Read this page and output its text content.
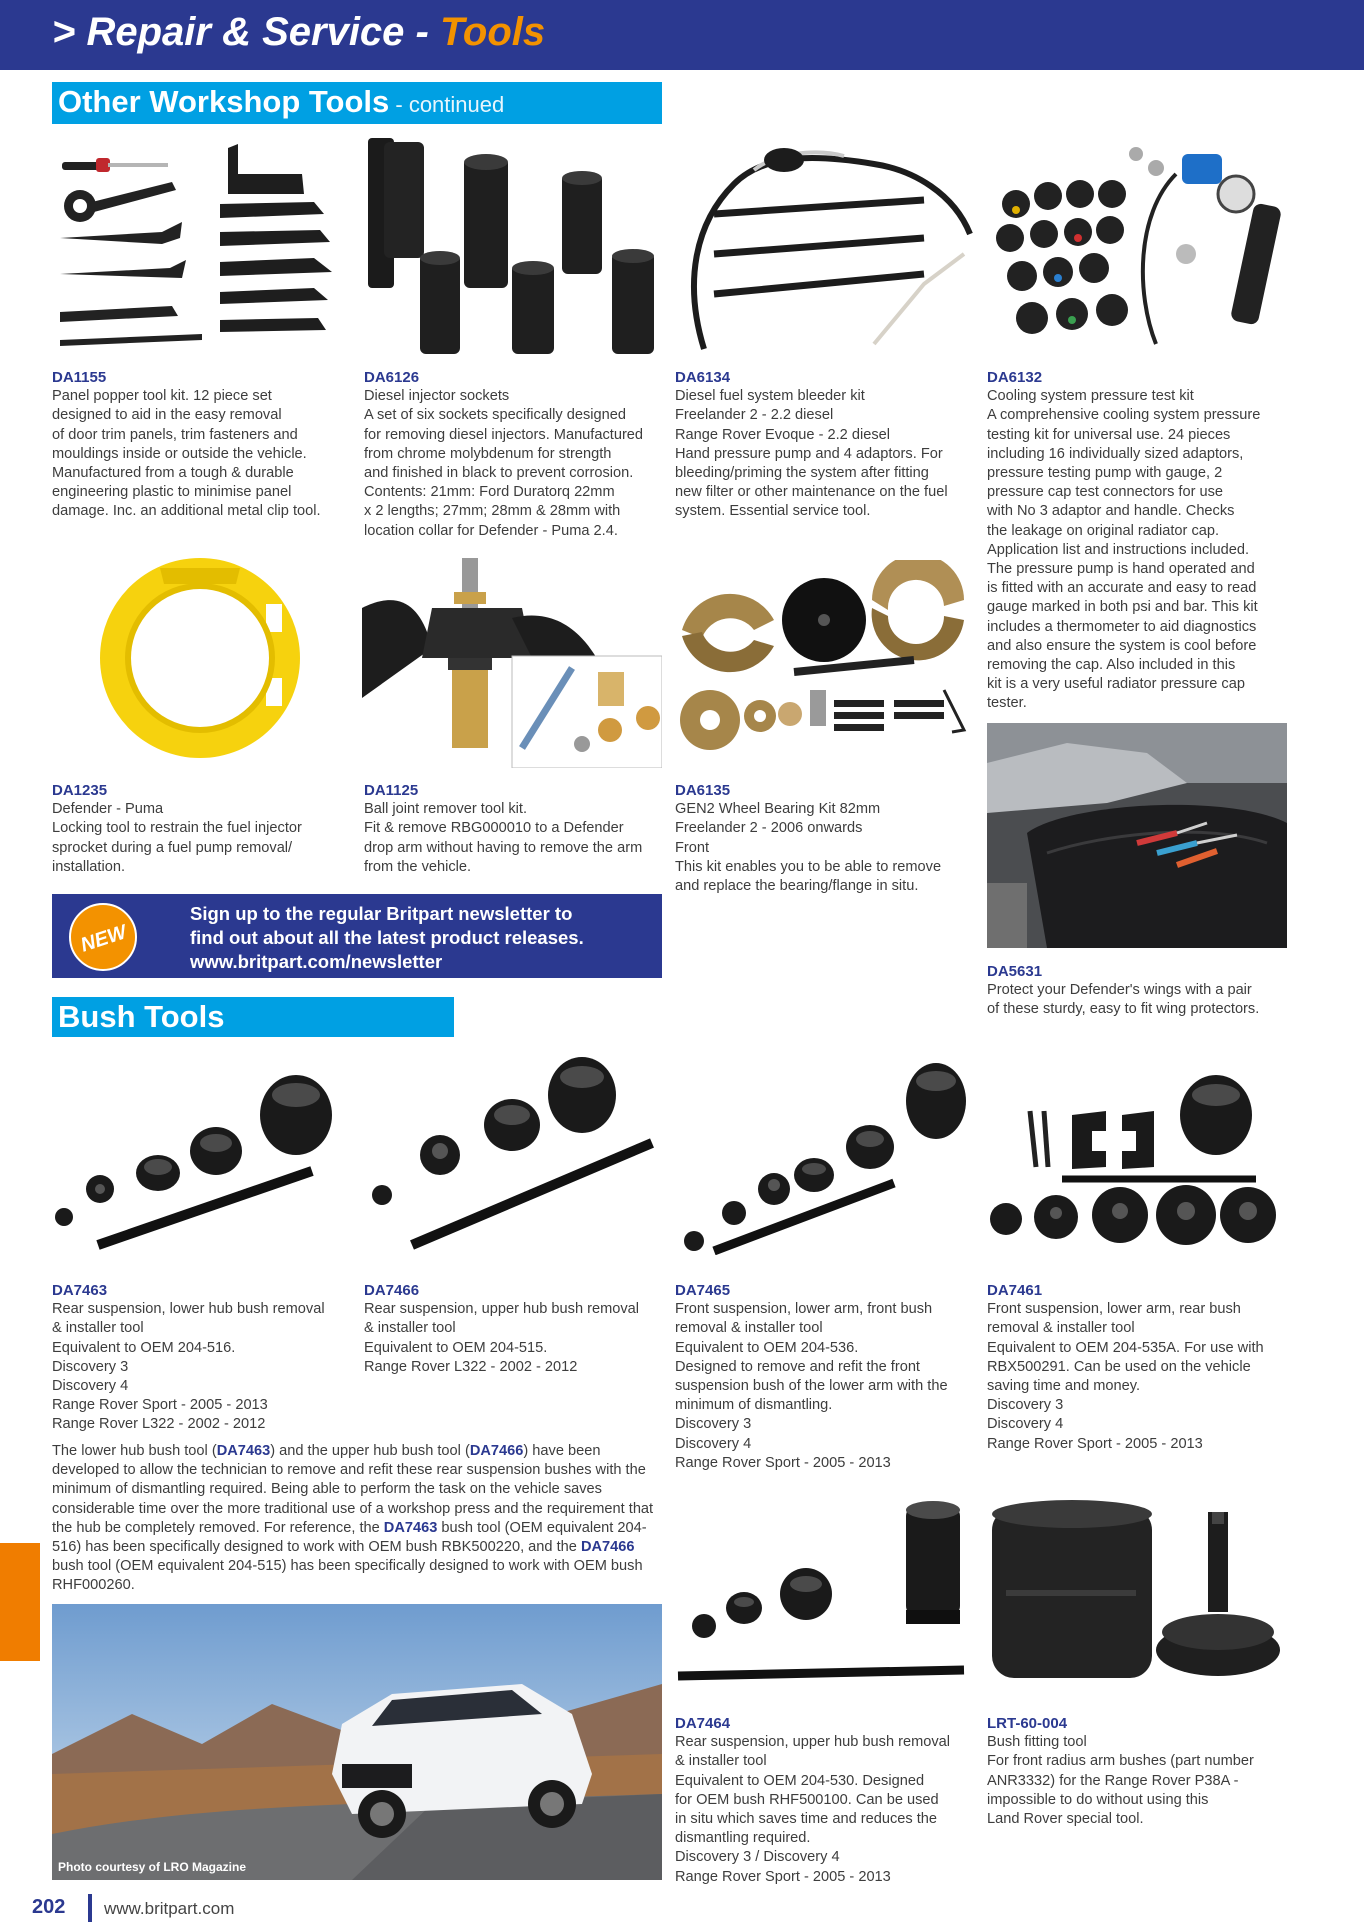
> Repair & Service - Tools
Other Workshop Tools - continued
DA1155

Panel popper tool kit. 12 piece set
designed to aid in the easy removal
of door trim panels, trim fasteners and
mouldings inside or outside the vehicle.
Manufactured from a tough & durable
engineering plastic to minimise panel
damage. Inc. an additional metal clip tool.

DA6126

Diesel injector sockets
A set of six sockets specifically designed
for removing diesel injectors. Manufactured
from chrome molybdenum for strength
and finished in black to prevent corrosion.
Contents: 21mm: Ford Duratorq 22mm
x 2 lengths; 27mm; 28mm & 28mm with
location collar for Defender - Puma 2.4.

DA6134

Diesel fuel system bleeder kit
Freelander 2 - 2.2 diesel
Range Rover Evoque - 2.2 diesel
Hand pressure pump and 4 adaptors. For
bleeding/priming the system after fitting
new filter or other maintenance on the fuel
system. Essential service tool.

DA6132

Cooling system pressure test kit
A comprehensive cooling system pressure
testing kit for universal use. 24 pieces
including 16 individually sized adaptors,
pressure testing pump with gauge, 2
pressure cap test connectors for use
with No 3 adaptor and handle. Checks
the leakage on original radiator cap.
Application list and instructions included.
The pressure pump is hand operated and
is fitted with an accurate and easy to read
gauge marked in both psi and bar. This kit
includes a thermometer to aid diagnostics
and also ensure the system is cool before
removing the cap. Also included in this
kit is a very useful radiator pressure cap
tester.

DA1235

Defender - Puma
Locking tool to restrain the fuel injector
sprocket during a fuel pump removal/
installation.

DA1125

Ball joint remover tool kit.
Fit & remove RBG000010 to a Defender
drop arm without having to remove the arm
from the vehicle.

DA6135

GEN2 Wheel Bearing Kit 82mm
Freelander 2 - 2006 onwards
Front
This kit enables you to be able to remove
and replace the bearing/flange in situ.

DA5631

Protect your Defender's wings with a pair
of these sturdy, easy to fit wing protectors.

NEW
Sign up to the regular Britpart newsletter to
find out about all the latest product releases.
www.britpart.com/newsletter
Bush Tools
DA7463

Rear suspension, lower hub bush removal
& installer tool
Equivalent to OEM 204-516.
Discovery 3
Discovery 4
Range Rover Sport - 2005 - 2013
Range Rover L322 - 2002 - 2012

DA7466

Rear suspension, upper hub bush removal
& installer tool
Equivalent to OEM 204-515.
Range Rover L322 - 2002 - 2012

DA7465

Front suspension, lower arm, front bush
removal & installer tool
Equivalent to OEM 204-536.
Designed to remove and refit the front
suspension bush of the lower arm with the
minimum of dismantling.
Discovery 3
Discovery 4
Range Rover Sport - 2005 - 2013

DA7461

Front suspension, lower arm, rear bush
removal & installer tool
Equivalent to OEM 204-535A. For use with
RBX500291. Can be used on the vehicle
saving time and money.
Discovery 3
Discovery 4
Range Rover Sport - 2005 - 2013

The lower hub bush tool (DA7463) and the upper hub bush tool (DA7466) have been developed to allow the technician to remove and refit these rear suspension bushes with the minimum of dismantling required. Being able to perform the task on the vehicle saves considerable time over the more traditional use of a workshop press and the requirement that the hub be completely removed. For reference, the DA7463 bush tool (OEM equivalent 204-516) has been specifically designed to work with OEM bush RBK500220, and the DA7466 bush tool (OEM equivalent 204-515) has been specifically designed to work with OEM bush RHF000260.
Photo courtesy of LRO Magazine
DA7464

Rear suspension, upper hub bush removal
& installer tool
Equivalent to OEM 204-530. Designed
for OEM bush RHF500100. Can be used
in situ which saves time and reduces the
dismantling required.
Discovery 3 / Discovery 4
Range Rover Sport - 2005 - 2013

LRT-60-004

Bush fitting tool
For front radius arm bushes (part number
ANR3332) for the Range Rover P38A -
impossible to do without using this
Land Rover special tool.

202 www.britpart.com
